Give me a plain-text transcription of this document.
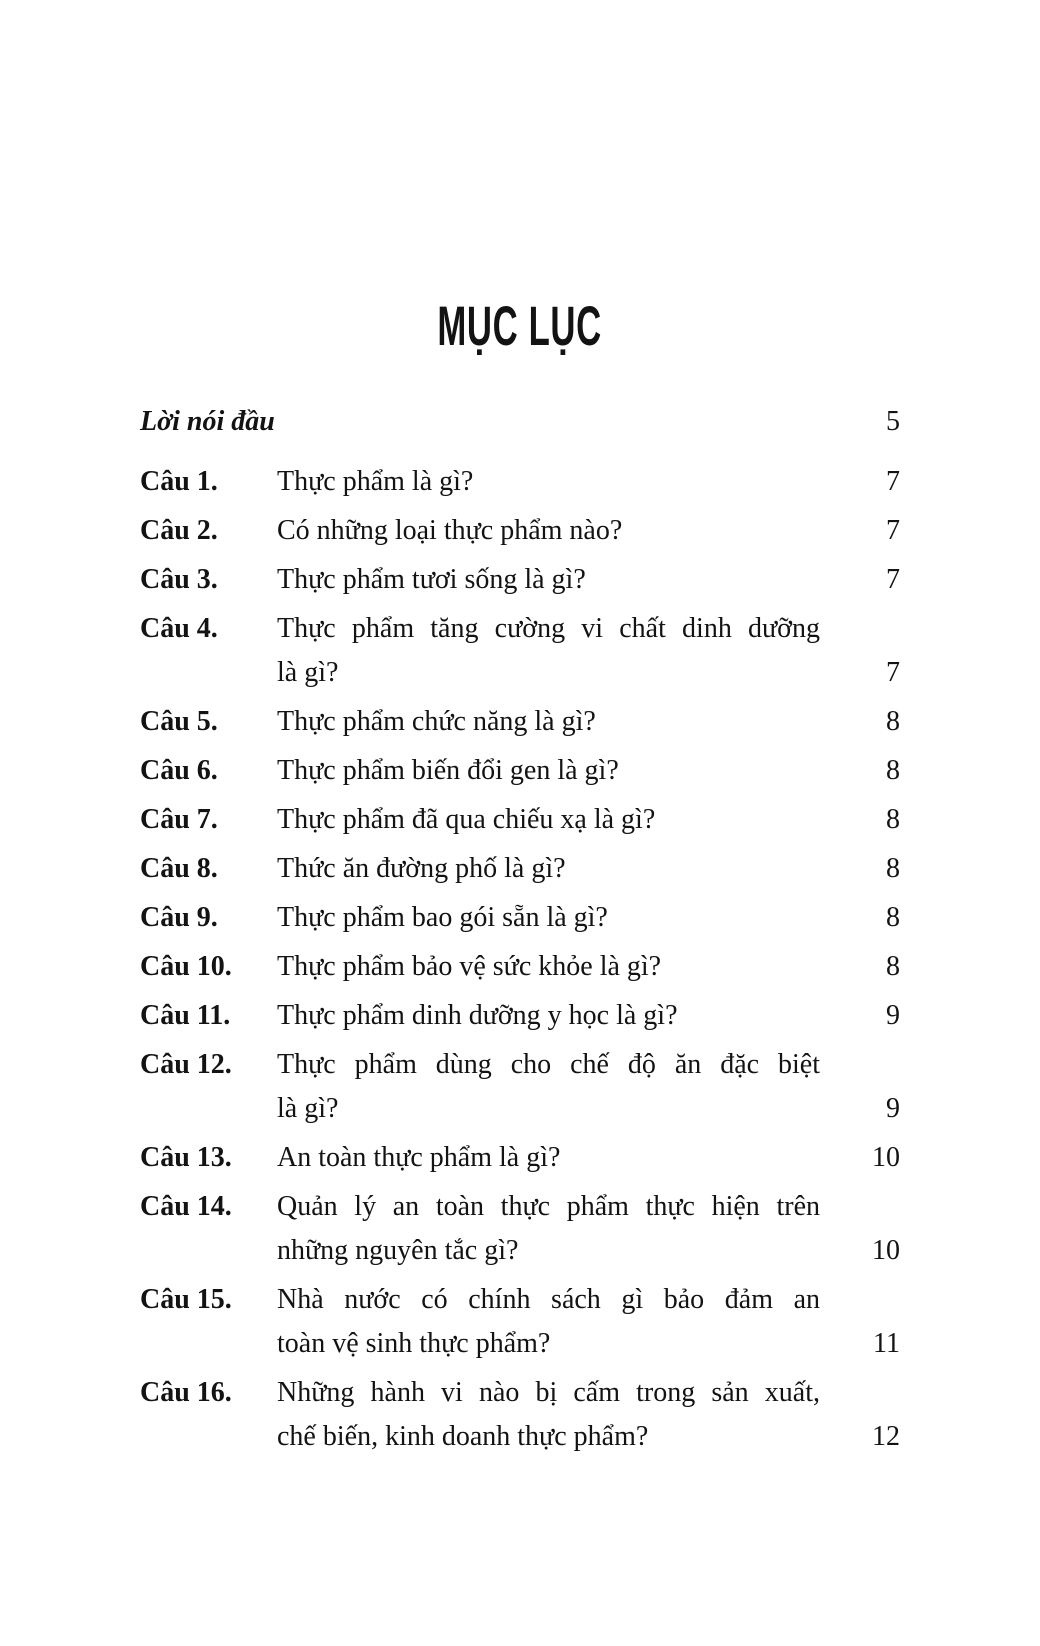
MỤC LỤC
Lời nói đầu	5
Câu 1.	Thực phẩm là gì?	7
Câu 2.	Có những loại thực phẩm nào?	7
Câu 3.	Thực phẩm tươi sống là gì?	7
Câu 4.	Thực phẩm tăng cường vi chất dinh dưỡng
là gì?	7
Câu 5.	Thực phẩm chức năng là gì?	8
Câu 6.	Thực phẩm biến đổi gen là gì?	8
Câu 7.	Thực phẩm đã qua chiếu xạ là gì?	8
Câu 8.	Thức ăn đường phố là gì?	8
Câu 9.	Thực phẩm bao gói sẵn là gì?	8
Câu 10.	Thực phẩm bảo vệ sức khỏe là gì?	8
Câu 11.	Thực phẩm dinh dưỡng y học là gì?	9
Câu 12.	Thực phẩm dùng cho chế độ ăn đặc biệt
là gì?	9
Câu 13.	An toàn thực phẩm là gì?	10
Câu 14.	Quản lý an toàn thực phẩm thực hiện trên
những nguyên tắc gì?	10
Câu 15.	Nhà nước có chính sách gì bảo đảm an
toàn vệ sinh thực phẩm?	11
Câu 16.	Những hành vi nào bị cấm trong sản xuất,
chế biến, kinh doanh thực phẩm?	12
